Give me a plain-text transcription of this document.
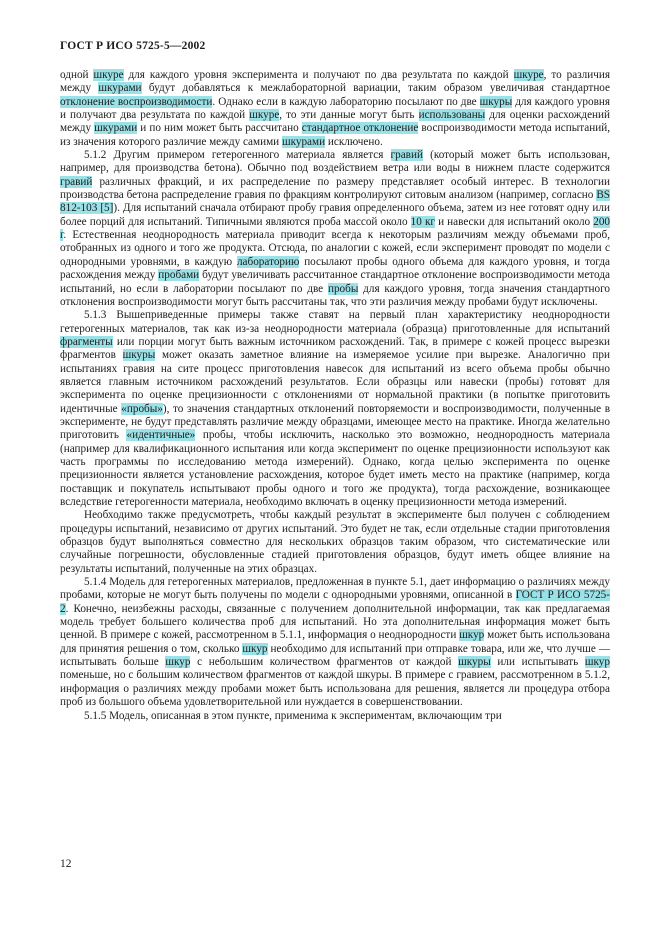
ГОСТ Р ИСО 5725-5—2002

одной шкуре для каждого уровня эксперимента и получают по два результата по каждой шкуре, то различия между шкурами будут добавляться к межлабораторной вариации, таким образом увеличивая стандартное отклонение воспроизводимости. Однако если в каждую лабораторию посылают по две шкуры для каждого уровня и получают два результата по каждой шкуре, то эти данные могут быть использованы для оценки расхождений между шкурами и по ним может быть рассчитано стандартное отклонение воспроизводимости метода испытаний, из значения которого различие между самими шкурами исключено.

5.1.2 Другим примером гетерогенного материала является гравий (который может быть использован, например, для производства бетона). Обычно под воздействием ветра или воды в нижнем пласте содержится гравий различных фракций, и их распределение по размеру представляет особый интерес. В технологии производства бетона распределение гравия по фракциям контролируют ситовым анализом (например, согласно BS 812-103 [5]). Для испытаний сначала отбирают пробу гравия определенного объема, затем из нее готовят одну или более порций для испытаний. Типичными являются проба массой около 10 кг и навески для испытаний около 200 г. Естественная неоднородность материала приводит всегда к некоторым различиям между объемами проб, отобранных из одного и того же продукта. Отсюда, по аналогии с кожей, если эксперимент проводят по модели с однородными уровнями, в каждую лабораторию посылают пробы одного объема для каждого уровня, и тогда расхождения между пробами будут увеличивать рассчитанное стандартное отклонение воспроизводимости метода испытаний, но если в лаборатории посылают по две пробы для каждого уровня, тогда значения стандартного отклонения воспроизводимости могут быть рассчитаны так, что эти различия между пробами будут исключены.

5.1.3 Вышеприведенные примеры также ставят на первый план характеристику неоднородности гетерогенных материалов, так как из-за неоднородности материала (образца) приготовленные для испытаний фрагменты или порции могут быть важным источником расхождений. Так, в примере с кожей процесс вырезки фрагментов шкуры может оказать заметное влияние на измеряемое усилие при вырезке. Аналогично при испытаниях гравия на сите процесс приготовления навесок для испытаний из всего объема пробы обычно является главным источником расхождений результатов. Если образцы или навески (пробы) готовят для эксперимента по оценке прецизионности с отклонениями от нормальной практики (в попытке приготовить идентичные «пробы»), то значения стандартных отклонений повторяемости и воспроизводимости, полученные в эксперименте, не будут представлять различие между образцами, имеющее место на практике. Иногда желательно приготовить «идентичные» пробы, чтобы исключить, насколько это возможно, неоднородность материала (например для квалификационного испытания или когда эксперимент по оценке прецизионности используют как часть программы по исследованию метода измерений). Однако, когда целью эксперимента по оценке прецизионности является установление расхождения, которое будет иметь место на практике (например, когда поставщик и покупатель испытывают пробы одного и того же продукта), тогда расхождение, возникающее вследствие гетерогенности материала, необходимо включать в оценку прецизионности метода измерений.

Необходимо также предусмотреть, чтобы каждый результат в эксперименте был получен с соблюдением процедуры испытаний, независимо от других испытаний. Это будет не так, если отдельные стадии приготовления образцов будут выполняться совместно для нескольких образцов таким образом, что систематические или случайные погрешности, обусловленные стадией приготовления образцов, будут иметь общее влияние на результаты испытаний, полученные на этих образцах.

5.1.4 Модель для гетерогенных материалов, предложенная в пункте 5.1, дает информацию о различиях между пробами, которые не могут быть получены по модели с однородными уровнями, описанной в ГОСТ Р ИСО 5725-2. Конечно, неизбежны расходы, связанные с получением дополнительной информации, так как предлагаемая модель требует большего количества проб для испытаний. Но эта дополнительная информация может быть ценной. В примере с кожей, рассмотренном в 5.1.1, информация о неоднородности шкур может быть использована для принятия решения о том, сколько шкур необходимо для испытаний при отправке товара, или же, что лучше — испытывать больше шкур с небольшим количеством фрагментов от каждой шкуры или испытывать шкур поменьше, но с большим количеством фрагментов от каждой шкуры. В примере с гравием, рассмотренном в 5.1.2, информация о различиях между пробами может быть использована для решения, является ли процедура отбора проб из большого объема удовлетворительной или нуждается в совершенствовании.

5.1.5 Модель, описанная в этом пункте, применима к экспериментам, включающим три

12
